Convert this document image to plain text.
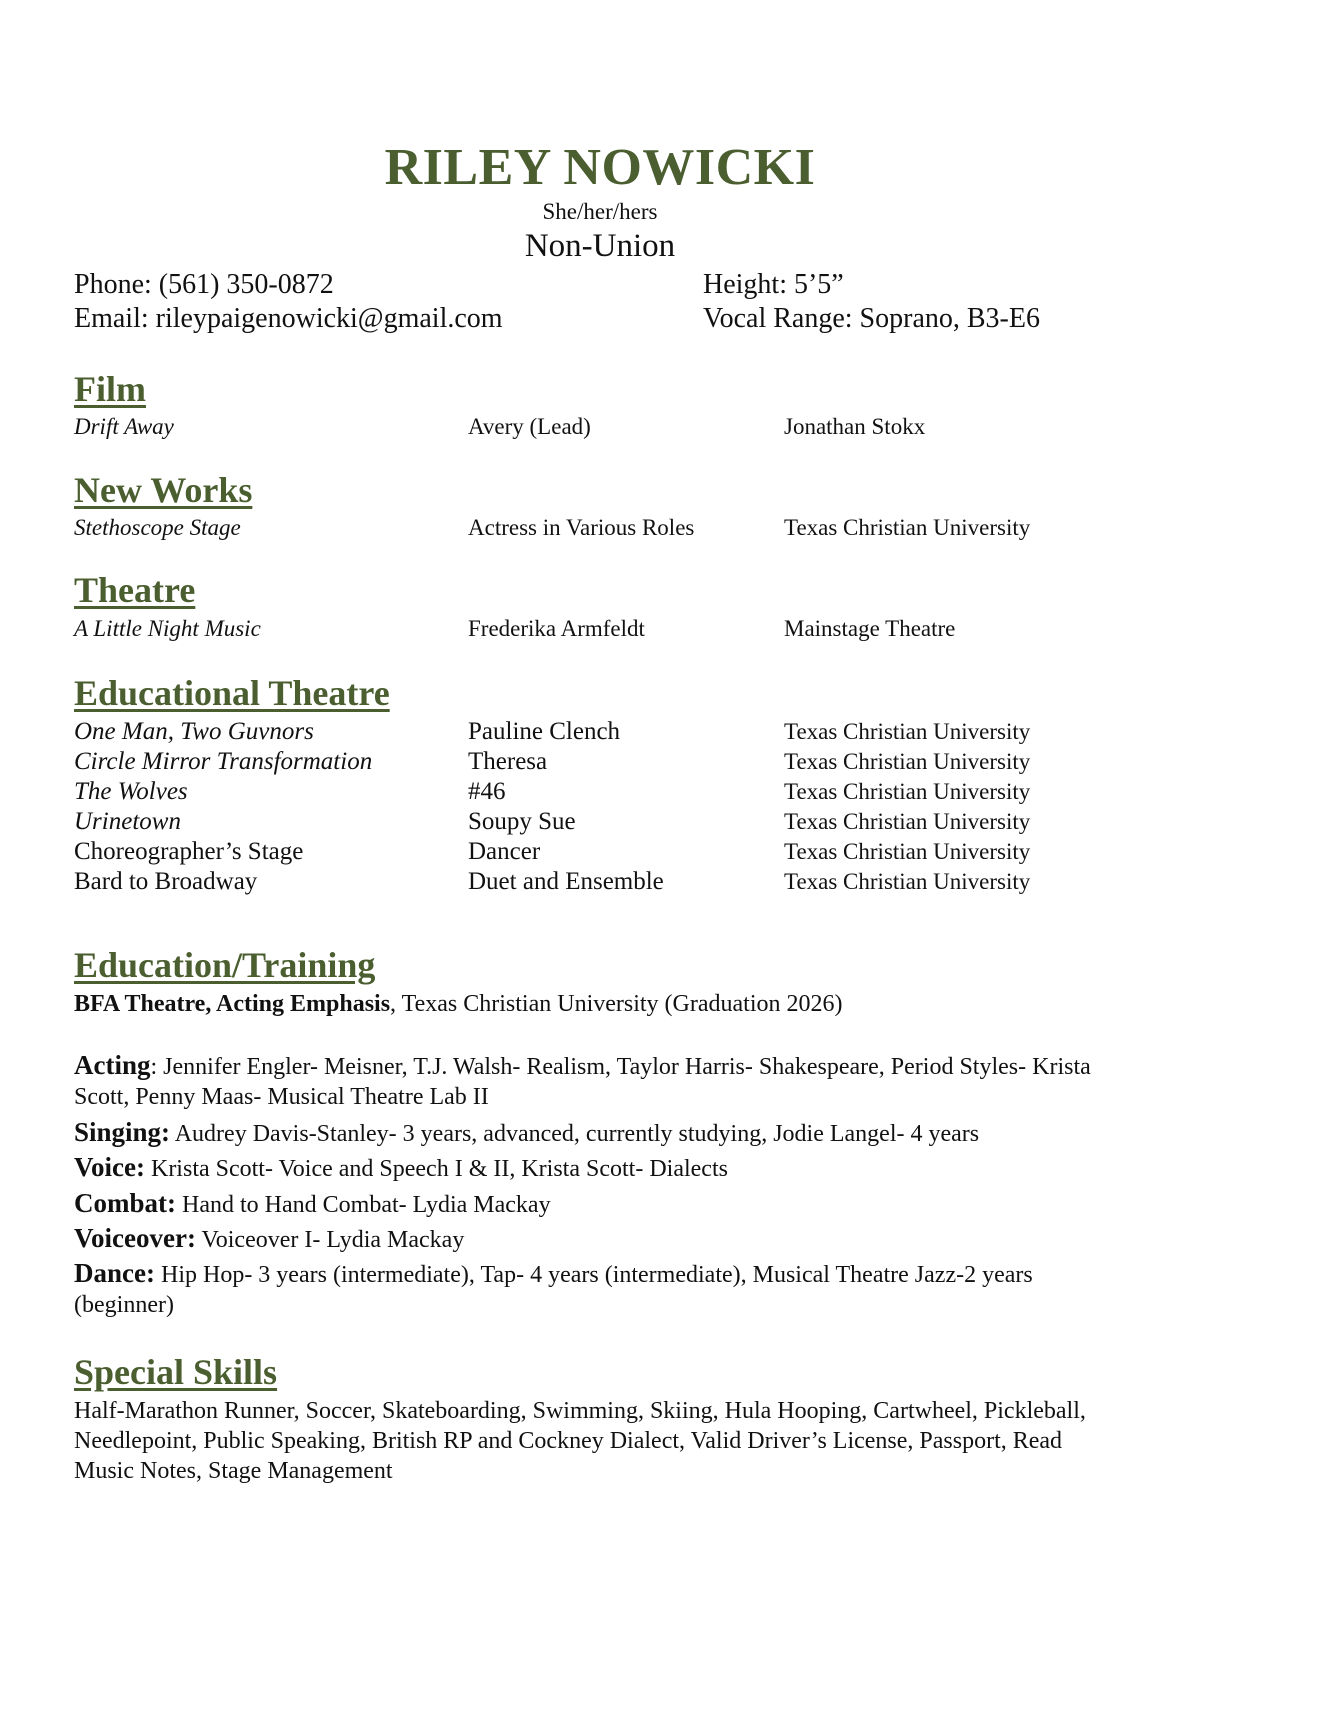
RILEY NOWICKI
She/her/hers
Non-Union
Phone: (561) 350-0872
Email: rileypaigenowicki@gmail.com
Height: 5’5”
Vocal Range: Soprano, B3-E6
Film
Drift Away	Avery (Lead)	Jonathan Stokx
New Works
Stethoscope Stage	Actress in Various Roles	Texas Christian University
Theatre
A Little Night Music	Frederika Armfeldt	Mainstage Theatre
Educational Theatre
One Man, Two Guvnors	Pauline Clench	Texas Christian University
Circle Mirror Transformation	Theresa	Texas Christian University
The Wolves	#46	Texas Christian University
Urinetown	Soupy Sue	Texas Christian University
Choreographer’s Stage	Dancer	Texas Christian University
Bard to Broadway	Duet and Ensemble	Texas Christian University
Education/Training
BFA Theatre, Acting Emphasis, Texas Christian University (Graduation 2026)
Acting: Jennifer Engler- Meisner, T.J. Walsh- Realism, Taylor Harris- Shakespeare, Period Styles- Krista Scott, Penny Maas- Musical Theatre Lab II
Singing: Audrey Davis-Stanley- 3 years, advanced, currently studying, Jodie Langel- 4 years
Voice: Krista Scott- Voice and Speech I & II, Krista Scott- Dialects
Combat: Hand to Hand Combat- Lydia Mackay
Voiceover: Voiceover I- Lydia Mackay
Dance: Hip Hop- 3 years (intermediate), Tap- 4 years (intermediate), Musical Theatre Jazz-2 years (beginner)
Special Skills
Half-Marathon Runner, Soccer, Skateboarding, Swimming, Skiing, Hula Hooping, Cartwheel, Pickleball, Needlepoint, Public Speaking, British RP and Cockney Dialect, Valid Driver’s License, Passport, Read Music Notes, Stage Management
